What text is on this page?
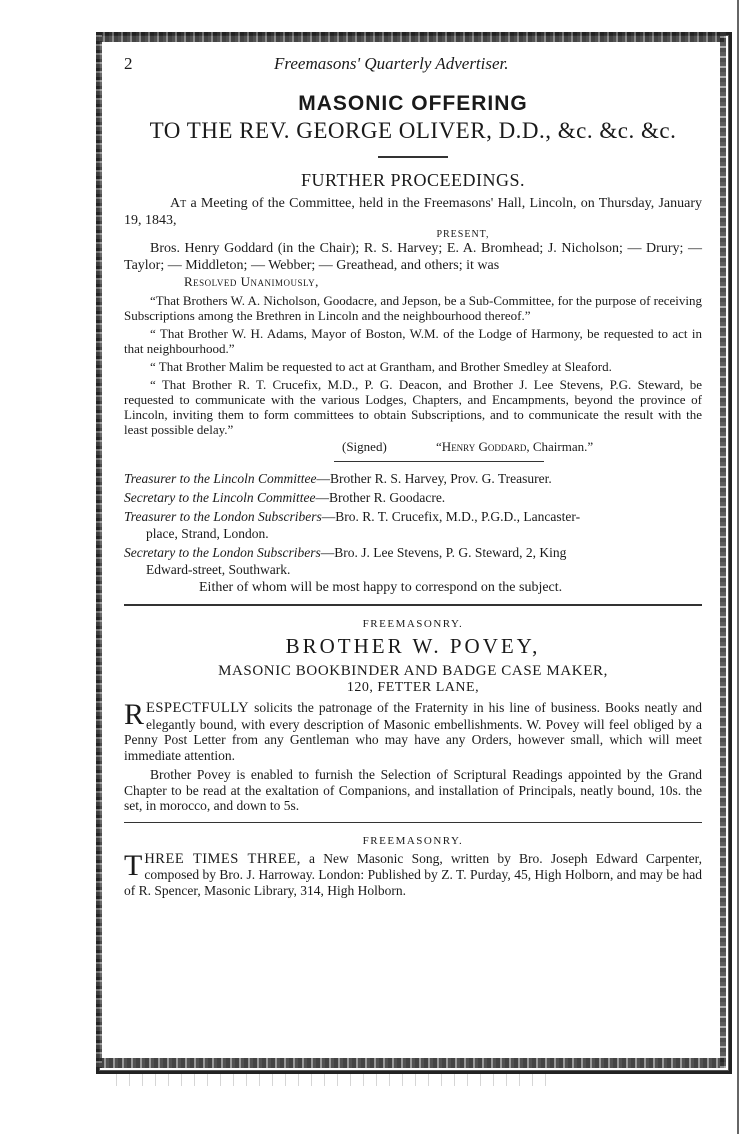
2	Freemasons' Quarterly Advertiser.

MASONIC OFFERING

TO THE REV. GEORGE OLIVER, D.D., &c. &c. &c.

FURTHER PROCEEDINGS.

At a Meeting of the Committee, held in the Freemasons' Hall, Lincoln, on Thursday, January 19, 1843,

PRESENT,

Bros. Henry Goddard (in the Chair); R. S. Harvey; E. A. Bromhead; J. Nicholson; — Drury; — Taylor; — Middleton; — Webber; — Greathead, and others; it was

Resolved Unanimously,

“That Brothers W. A. Nicholson, Goodacre, and Jepson, be a Sub-Committee, for the purpose of receiving Subscriptions among the Brethren in Lincoln and the neighbourhood thereof.”

“ That Brother W. H. Adams, Mayor of Boston, W.M. of the Lodge of Harmony, be requested to act in that neighbourhood.”

“ That Brother Malim be requested to act at Grantham, and Brother Smedley at Sleaford.

“ That Brother R. T. Crucefix, M.D., P. G. Deacon, and Brother J. Lee Stevens, P.G. Steward, be requested to communicate with the various Lodges, Chapters, and Encampments, beyond the province of Lincoln, inviting them to form committees to obtain Subscriptions, and to communicate the result with the least possible delay.”

(Signed)	“Henry Goddard, Chairman.”

Treasurer to the Lincoln Committee—Brother R. S. Harvey, Prov. G. Treasurer.

Secretary to the Lincoln Committee—Brother R. Goodacre.

Treasurer to the London Subscribers—Bro. R. T. Crucefix, M.D., P.G.D., Lancaster-
place, Strand, London.

Secretary to the London Subscribers—Bro. J. Lee Stevens, P. G. Steward, 2, King
Edward-street, Southwark.

Either of whom will be most happy to correspond on the subject.

FREEMASONRY.

BROTHER W. POVEY,

MASONIC BOOKBINDER AND BADGE CASE MAKER,

120, FETTER LANE,

RESPECTFULLY solicits the patronage of the Fraternity in his line of business. Books neatly and elegantly bound, with every description of Masonic embellishments. W. Povey will feel obliged by a Penny Post Letter from any Gentleman who may have any Orders, however small, which will meet immediate attention.

Brother Povey is enabled to furnish the Selection of Scriptural Readings appointed by the Grand Chapter to be read at the exaltation of Companions, and installation of Principals, neatly bound, 10s. the set, in morocco, and down to 5s.

FREEMASONRY.

THREE TIMES THREE, a New Masonic Song, written by Bro. Joseph Edward Carpenter, composed by Bro. J. Harroway. London: Published by Z. T. Purday, 45, High Holborn, and may be had of R. Spencer, Masonic Library, 314, High Holborn.
